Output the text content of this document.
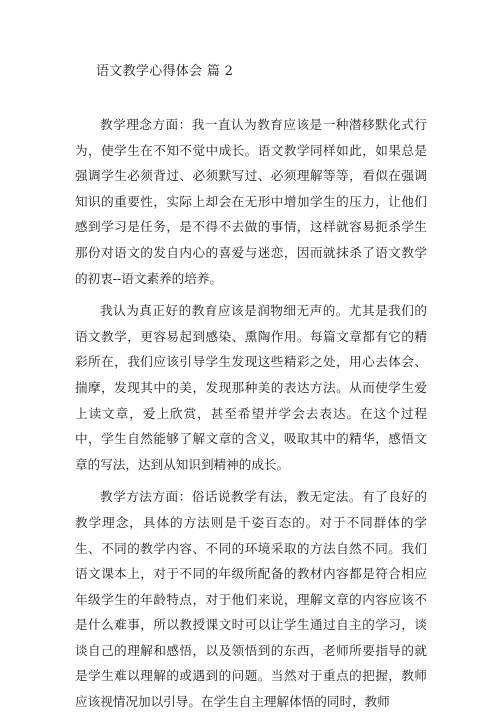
语文教学心得体会 篇 2

教学理念方面：我一直认为教育应该是一种潜移默化式行为，使学生在不知不觉中成长。语文教学同样如此，如果总是强调学生必须背过、必须默写过、必须理解等等，看似在强调知识的重要性，实际上却会在无形中增加学生的压力，让他们感到学习是任务，是不得不去做的事情，这样就容易扼杀学生那份对语文的发自内心的喜爱与迷恋，因而就抹杀了语文教学的初衷--语文素养的培养。

我认为真正好的教育应该是润物细无声的。尤其是我们的语文教学，更容易起到感染、熏陶作用。每篇文章都有它的精彩所在，我们应该引导学生发现这些精彩之处，用心去体会、揣摩，发现其中的美，发现那种美的表达方法。从而使学生爱上读文章，爱上欣赏，甚至希望并学会去表达。在这个过程中，学生自然能够了解文章的含义，吸取其中的精华，感悟文章的写法，达到从知识到精神的成长。

教学方法方面：俗话说教学有法，教无定法。有了良好的教学理念，具体的方法则是千姿百态的。对于不同群体的学生、不同的教学内容、不同的环境采取的方法自然不同。我们语文课本上，对于不同的年级所配备的教材内容都是符合相应年级学生的年龄特点，对于他们来说，理解文章的内容应该不是什么难事，所以教授课文时可以让学生通过自主的学习，谈谈自己的理解和感悟，以及领悟到的东西，老师所要指导的就是学生难以理解的或遇到的问题。当然对于重点的把握，教师应该视情况加以引导。在学生自主理解体悟的同时，教师
